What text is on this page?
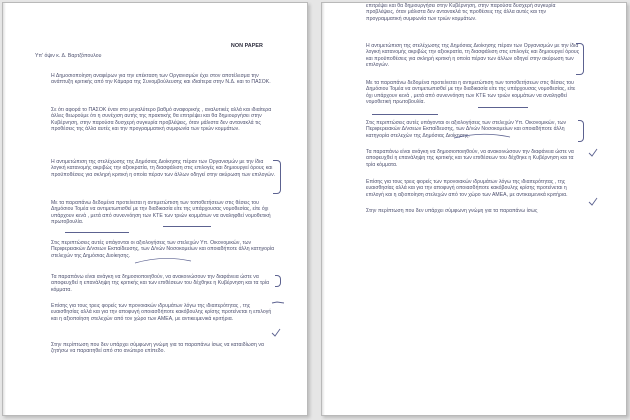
NON PAPER
Υπ' όψιν κ. Δ. Βαρτζόπουλου
Η Δημοσιοποίηση αναφέρων για την επέκταση των Οργανισμών έχει στον αποτέλεσμα την ανάπτυξη κριτικής από την Κάμαρα της Συνομβούλευσης και ιδιαίτερα στην Ν.Δ. και το ΠΑΣΟΚ.
Σε ότι αφορά το ΠΑΣΟΚ έναν στο μεγαλύτερο βαθμό αναφορικής , αναλυτικές αλλά και ιδιαίτερα άλλες θεωρούμε ότι η συνέχιση αυτής της πρακτικής θα επιτρέψει και θα δημιουργήσει στην Κυβέρνηση, στην παρούσα δυσχερή συγκυρία προβλέψεις, όταν μάλιστα δεν αντανακλά τις προθέσεις της άλλα αυτές και την προγραμματική συμφωνία των τριών κομμάτων.
Η αντιμετώπιση της στελέχωσης της Δημόσιας Διοίκησης πέραν των Οργανισμών με την ίδια λογική κατανομής ακριβώς την αξιοκρατία, τη διασφάλιση στις επιλογές και δημιουργεί όρους και προϋποθέσεις για σκληρή κριτική η οποία πέραν των άλλων οδηγεί στην ακύρωση των επιλογών.
Με τα παραπάνω δεδομένα προτείνεται η αντιμετώπιση των τοποθετήσεων στις θέσεις του Δημόσιου Τομέα να αντιμετωπισθεί με την διαδικασία είτε της υπάρχουσας νομοθεσίας, είτε όχι υπάρχουν κενά , μετά από συνεννόηση των ΚΤΕ των τριών κομμάτων να αναληφθεί νομοθετική πρωτοβουλία.
Στις περιπτώσεις αυτές υπάγονται οι αξιολογήσεις των στελεχών Υπ. Οικονομικών, των Περιφερειακών Δ/νσεων Εκπαίδευσης, των Δ/νών Νοσοκομείων και οποιαδήποτε άλλη κατηγορία στελεχών της Δημόσιας Διοίκησης.
Τα παραπάνω είναι ανάγκη να δημοσιοποιηθούν, να ανακοινώσουν την διαφάνεια ώστε να αποφευχθεί η επανάληψη της κριτικής και των επιθέσεων του δέχθηκε η Κυβέρνηση και τα τρία κόμματα.
Επίσης για τους τρεις φορείς των προνοιακών ιδρυμάτων λόγω της ιδιαιτερότητας , της ευαισθησίας αλλά και για την αποφυγή οποιασδήποτε κακόβουλης κρίσης προτείνεται η επιλογή και η αξιοποίηση στελεχών από τον χώρο των ΑΜΕΑ, με αντικειμενικά κριτήρια.
Στην περίπτωση που δεν υπάρχει σύμφωνη γνώμη για τα παραπάνω ίσως να καταιδίωση να ζητήσω να παραιτηθεί από στο ανώτερο επίπεδο.
επιτρέψει και θα δημιουργήσει στην Κυβέρνηση, στην παρούσα δυσχερή συγκυρία προβλέψεις, όταν μάλιστα δεν αντανακλά τις προθέσεις της άλλα αυτές και την προγραμματική συμφωνία των τριών κομμάτων.
Η αντιμετώπιση της στελέχωσης της Δημόσιας Διοίκησης πέραν των Οργανισμών με την ίδια λογική κατανομής ακριβώς την αξιοκρατία, τη διασφάλιση στις επιλογές και δημιουργεί όρους και προϋποθέσεις για σκληρή κριτική η οποία πέραν των άλλων οδηγεί στην ακύρωση των επιλογών.
Με τα παραπάνω δεδομένα προτείνεται η αντιμετώπιση των τοποθετήσεων στις θέσεις του Δημόσιου Τομέα να αντιμετωπισθεί με την διαδικασία είτε της υπάρχουσας νομοθεσίας, είτε όχι υπάρχουν κενά , μετά από συνεννόηση των ΚΤΕ των τριών κομμάτων να αναληφθεί νομοθετική πρωτοβουλία.
Στις περιπτώσεις αυτές υπάγονται οι αξιολογήσεις των στελεχών Υπ. Οικονομικών, των Περιφερειακών Δ/νσεων Εκπαίδευσης, των Δ/νών Νοσοκομείων και οποιαδήποτε άλλη κατηγορία στελεχών της Δημόσιας Διοίκησης.
Τα παραπάνω είναι ανάγκη να δημοσιοποιηθούν, να ανακοινώσουν την διαφάνεια ώστε να αποφευχθεί η επανάληψη της κριτικής και των επιθέσεων του δέχθηκε η Κυβέρνηση και τα τρία κόμματα.
Επίσης για τους τρεις φορείς των προνοιακών ιδρυμάτων λόγω της ιδιαιτερότητας , της ευαισθησίας αλλά και για την αποφυγή οποιασδήποτε κακόβουλης κρίσης προτείνεται η επιλογή και η αξιοποίηση στελεχών από τον χώρο των ΑΜΕΑ, με αντικειμενικά κριτήρια.
Στην περίπτωση που δεν υπάρχει σύμφωνη γνώμη για τα παραπάνω ίσως
